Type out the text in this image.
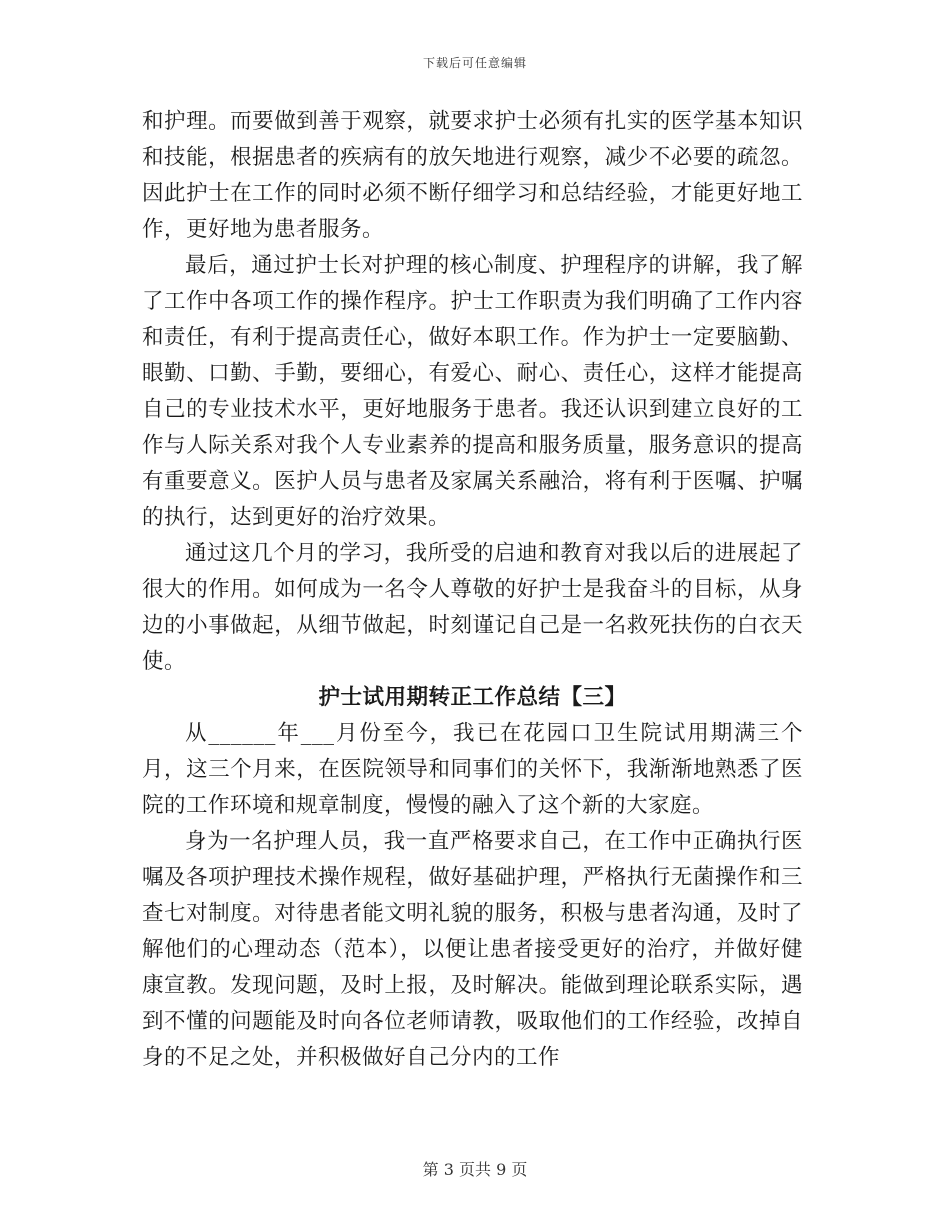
下载后可任意编辑

和护理。而要做到善于观察，就要求护士必须有扎实的医学基本知识和技能，根据患者的疾病有的放矢地进行观察，减少不必要的疏忽。因此护士在工作的同时必须不断仔细学习和总结经验，才能更好地工作，更好地为患者服务。

最后，通过护士长对护理的核心制度、护理程序的讲解，我了解了工作中各项工作的操作程序。护士工作职责为我们明确了工作内容和责任，有利于提高责任心，做好本职工作。作为护士一定要脑勤、眼勤、口勤、手勤，要细心，有爱心、耐心、责任心，这样才能提高自己的专业技术水平，更好地服务于患者。我还认识到建立良好的工作与人际关系对我个人专业素养的提高和服务质量，服务意识的提高有重要意义。医护人员与患者及家属关系融洽，将有利于医嘱、护嘱的执行，达到更好的治疗效果。

通过这几个月的学习，我所受的启迪和教育对我以后的进展起了很大的作用。如何成为一名令人尊敬的好护士是我奋斗的目标，从身边的小事做起，从细节做起，时刻谨记自己是一名救死扶伤的白衣天使。

护士试用期转正工作总结【三】

从______年___月份至今，我已在花园口卫生院试用期满三个月，这三个月来，在医院领导和同事们的关怀下，我渐渐地熟悉了医院的工作环境和规章制度，慢慢的融入了这个新的大家庭。

身为一名护理人员，我一直严格要求自己，在工作中正确执行医嘱及各项护理技术操作规程，做好基础护理，严格执行无菌操作和三查七对制度。对待患者能文明礼貌的服务，积极与患者沟通，及时了解他们的心理动态（范本），以便让患者接受更好的治疗，并做好健康宣教。发现问题，及时上报，及时解决。能做到理论联系实际，遇到不懂的问题能及时向各位老师请教，吸取他们的工作经验，改掉自身的不足之处，并积极做好自己分内的工作

第 3 页共 9 页
